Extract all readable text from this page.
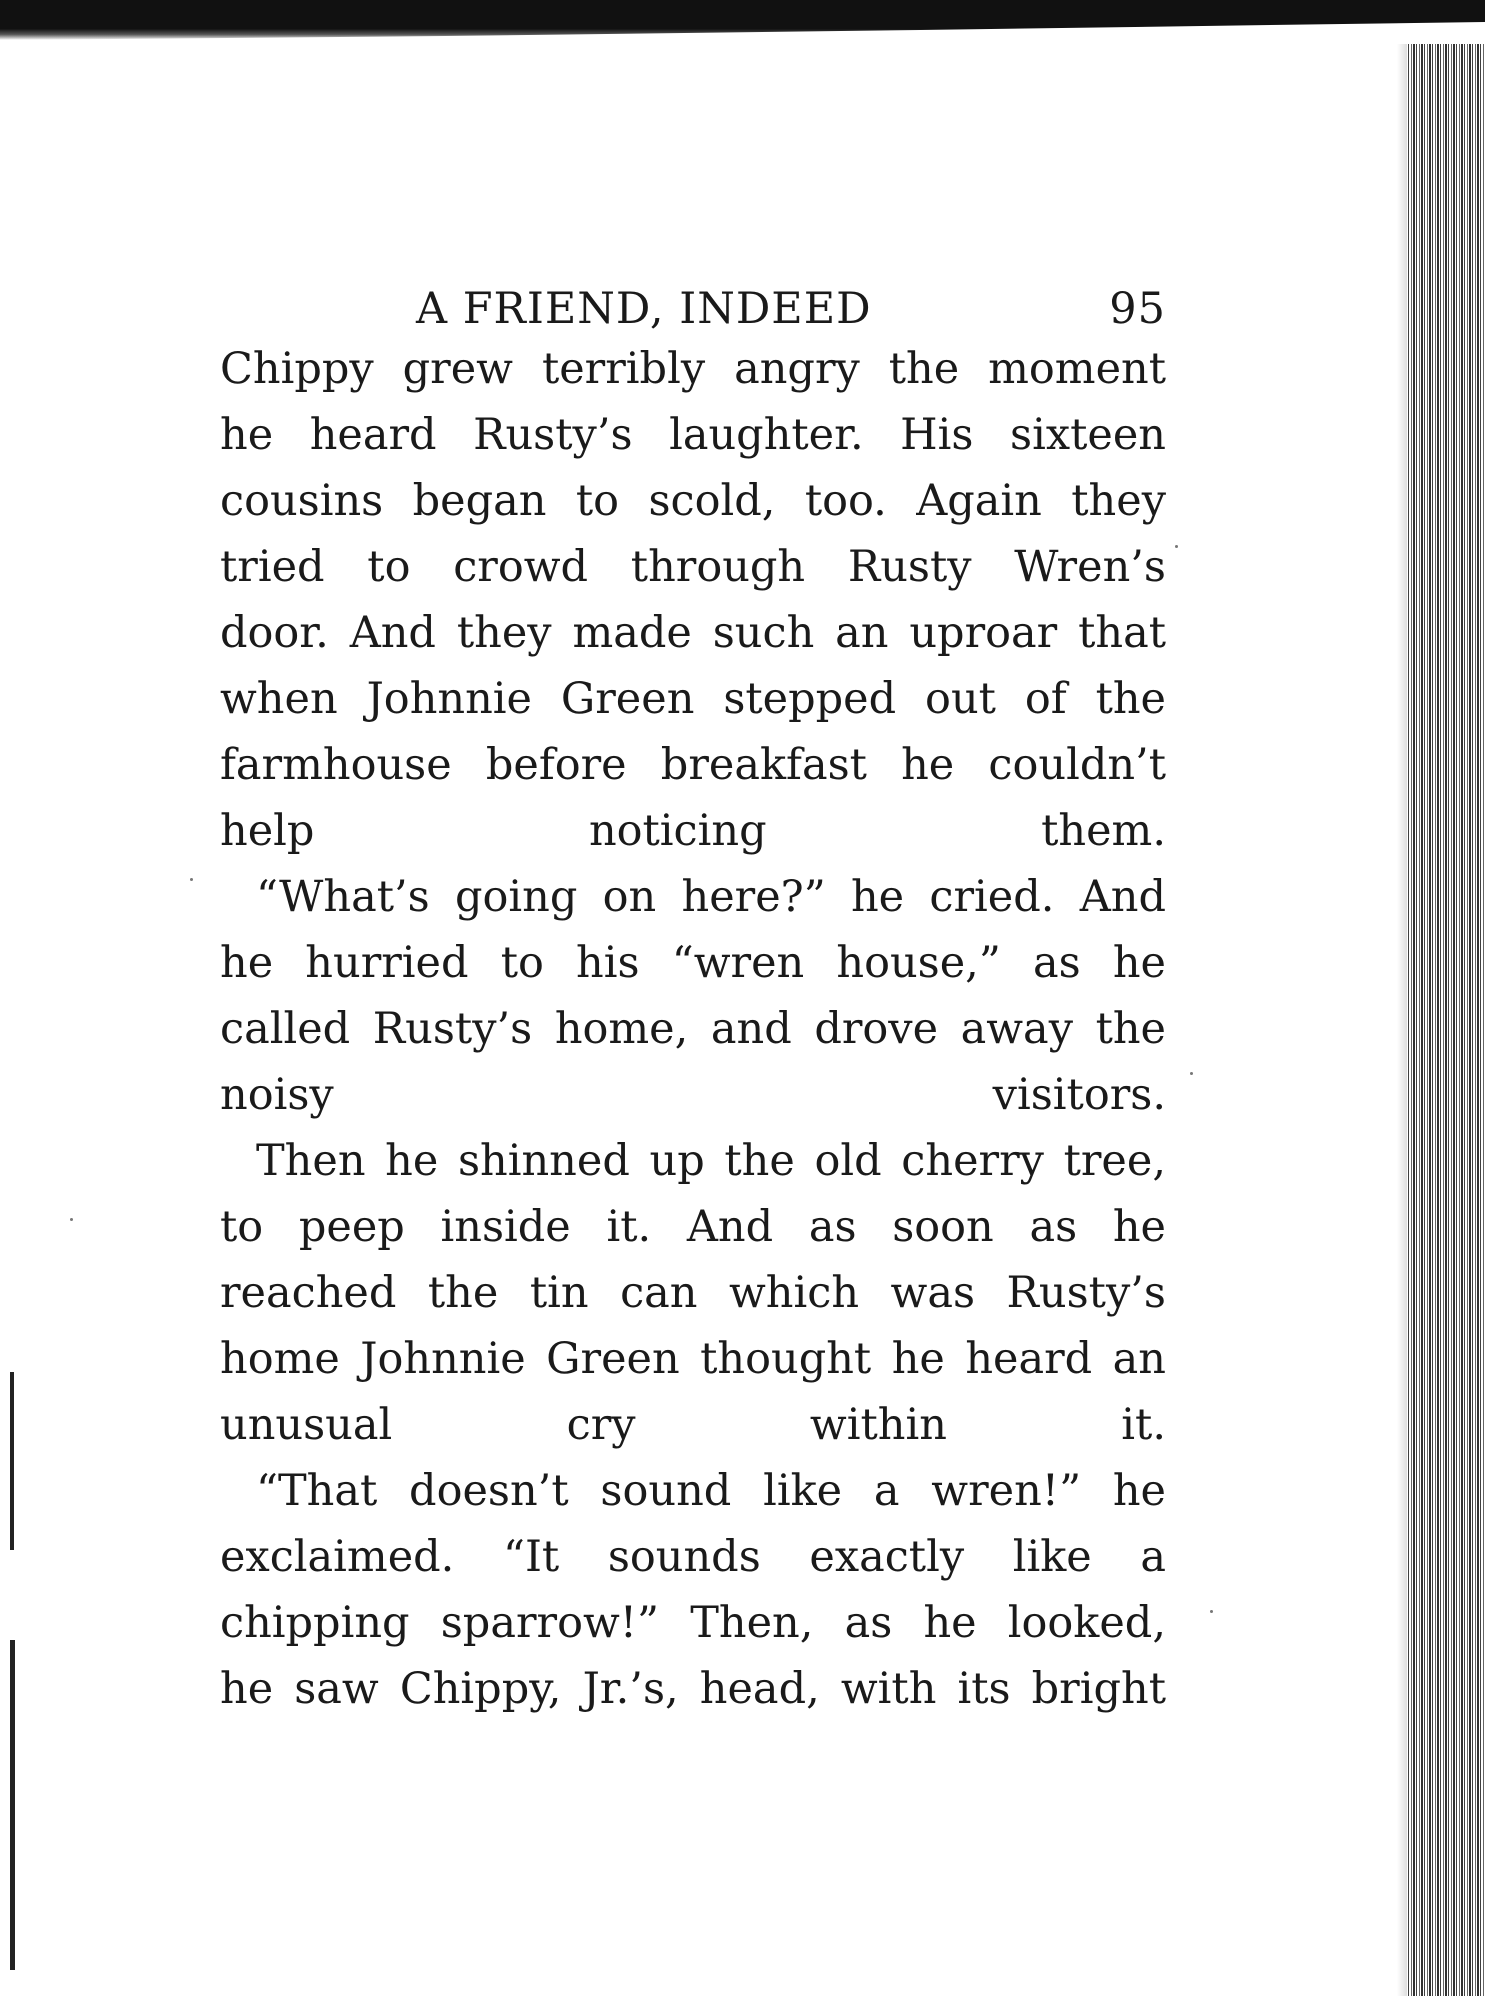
A FRIEND, INDEED	95

Chippy grew terribly angry the moment
he heard Rusty’s laughter. His sixteen
cousins began to scold, too. Again they
tried to crowd through Rusty Wren’s
door. And they made such an uproar that
when Johnnie Green stepped out of the
farmhouse before breakfast he couldn’t
help noticing them.

“What’s going on here?” he cried. And
he hurried to his “wren house,” as he
called Rusty’s home, and drove away the
noisy visitors.

Then he shinned up the old cherry tree,
to peep inside it. And as soon as he
reached the tin can which was Rusty’s
home Johnnie Green thought he heard an
unusual cry within it.

“That doesn’t sound like a wren!” he
exclaimed. “It sounds exactly like a
chipping sparrow!” Then, as he looked,
he saw Chippy, Jr.’s, head, with its bright
